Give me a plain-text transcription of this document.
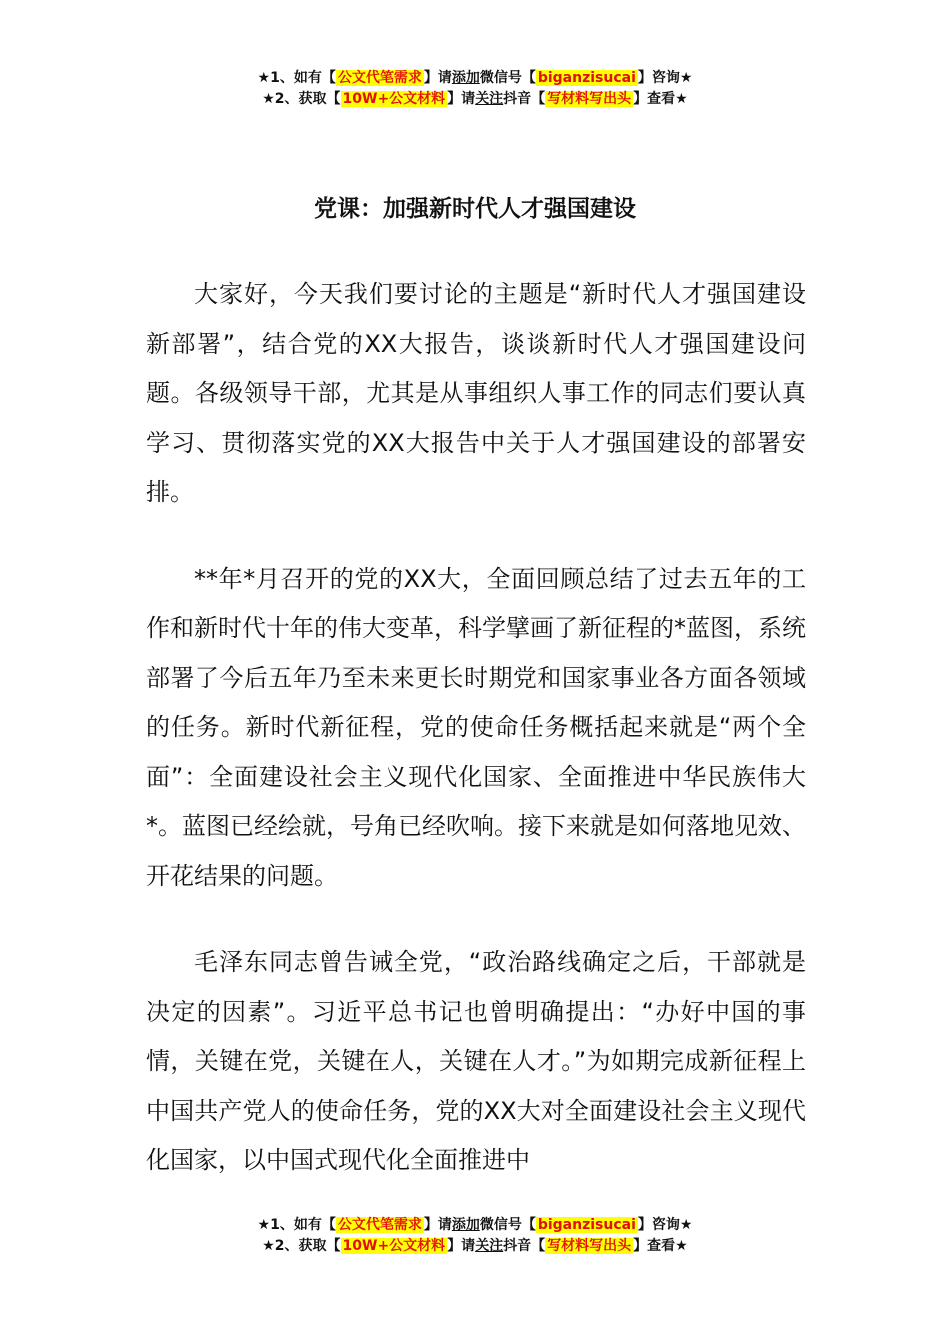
★1、如有【 公文代笔需求 】请添加微信号【 biganzisucai 】咨询★
★2、获取【 10W+公文材料 】请关注抖音【 写材料写出头 】查看★
党课：加强新时代人才强国建设

大家好，今天我们要讨论的主题是“新时代人才强国建设新部署”，结合党的XX大报告，谈谈新时代人才强国建设问题。各级领导干部，尤其是从事组织人事工作的同志们要认真学习、贯彻落实党的XX大报告中关于人才强国建设的部署安排。

**年*月召开的党的XX大，全面回顾总结了过去五年的工作和新时代十年的伟大变革，科学擘画了新征程的*蓝图，系统部署了今后五年乃至未来更长时期党和国家事业各方面各领域的任务。新时代新征程，党的使命任务概括起来就是“两个全面”：全面建设社会主义现代化国家、全面推进中华民族伟大*。蓝图已经绘就，号角已经吹响。接下来就是如何落地见效、开花结果的问题。

毛泽东同志曾告诫全党，“政治路线确定之后，干部就是决定的因素”。习近平总书记也曾明确提出：“办好中国的事情，关键在党，关键在人，关键在人才。”为如期完成新征程上中国共产党人的使命任务，党的XX大对全面建设社会主义现代化国家，以中国式现代化全面推进中

★1、如有【 公文代笔需求 】请添加微信号【 biganzisucai 】咨询★
★2、获取【 10W+公文材料 】请关注抖音【 写材料写出头 】查看★
